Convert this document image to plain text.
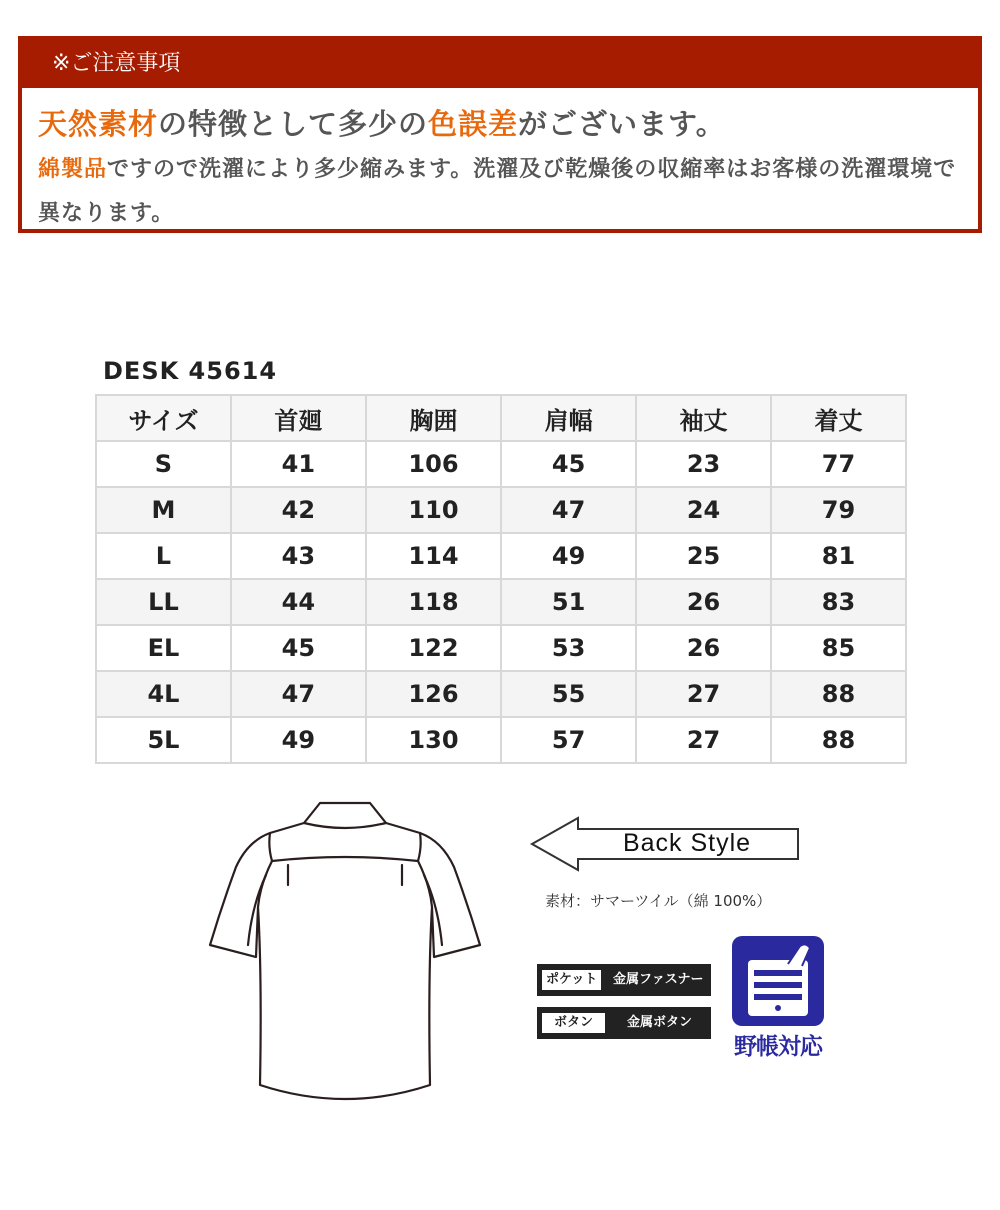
※ご注意事項
天然素材の特徴として多少の色誤差がございます。
綿製品ですので洗濯により多少縮みます。洗濯及び乾燥後の収縮率はお客様の洗濯環境で異なります。
DESK 45614
サイズ	首廻	胸囲	肩幅	袖丈	着丈
S	41	106	45	23	77
M	42	110	47	24	79
L	43	114	49	25	81
LL	44	118	51	26	83
EL	45	122	53	26	85
4L	47	126	55	27	88
5L	49	130	57	27	88
Back Style
素材：サマーツイル（綿 100%）
ポケット	金属ファスナー
ボタン	金属ボタン
野帳対応
